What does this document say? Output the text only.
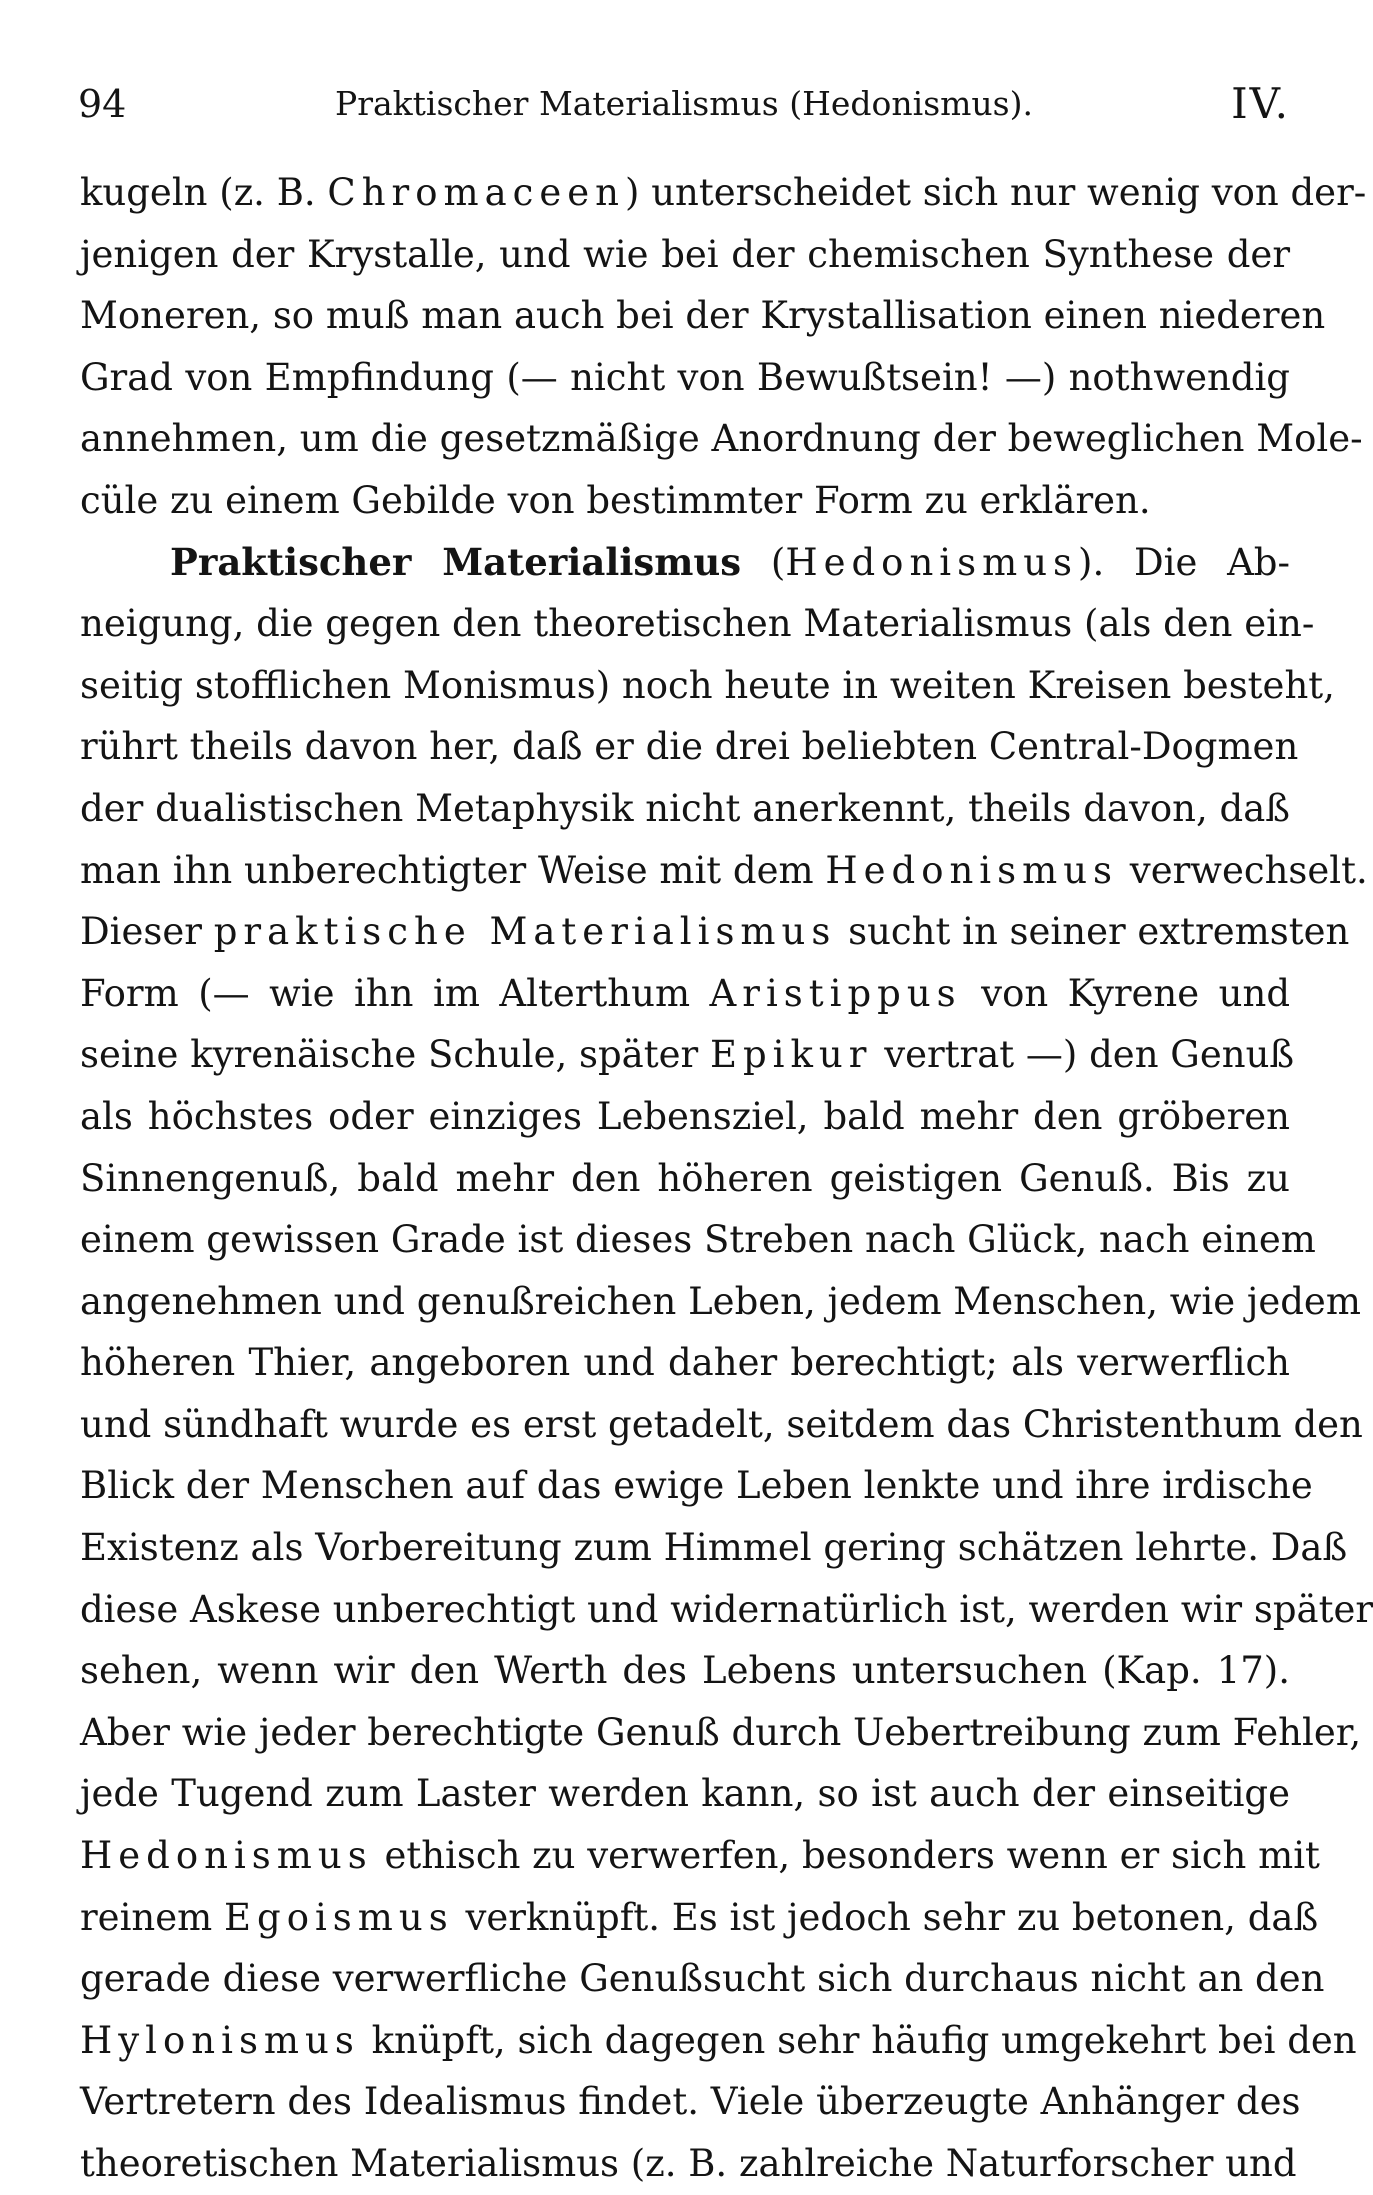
94	Praktischer Materialismus (Hedonismus).	IV.
kugeln (z. B. Chromaceen) unterscheidet sich nur wenig von der-
jenigen der Krystalle, und wie bei der chemischen Synthese der
Moneren, so muß man auch bei der Krystallisation einen niederen
Grad von Empfindung (— nicht von Bewußtsein! —) nothwendig
annehmen, um die gesetzmäßige Anordnung der beweglichen Mole-
cüle zu einem Gebilde von bestimmter Form zu erklären.
Praktischer Materialismus (Hedonismus). Die Ab-
neigung, die gegen den theoretischen Materialismus (als den ein-
seitig stofflichen Monismus) noch heute in weiten Kreisen besteht,
rührt theils davon her, daß er die drei beliebten Central-Dogmen
der dualistischen Metaphysik nicht anerkennt, theils davon, daß
man ihn unberechtigter Weise mit dem Hedonismus verwechselt.
Dieser praktische Materialismus sucht in seiner extremsten
Form (— wie ihn im Alterthum Aristippus von Kyrene und
seine kyrenäische Schule, später Epikur vertrat —) den Genuß
als höchstes oder einziges Lebensziel, bald mehr den gröberen
Sinnengenuß, bald mehr den höheren geistigen Genuß. Bis zu
einem gewissen Grade ist dieses Streben nach Glück, nach einem
angenehmen und genußreichen Leben, jedem Menschen, wie jedem
höheren Thier, angeboren und daher berechtigt; als verwerflich
und sündhaft wurde es erst getadelt, seitdem das Christenthum den
Blick der Menschen auf das ewige Leben lenkte und ihre irdische
Existenz als Vorbereitung zum Himmel gering schätzen lehrte. Daß
diese Askese unberechtigt und widernatürlich ist, werden wir später
sehen, wenn wir den Werth des Lebens untersuchen (Kap. 17).
Aber wie jeder berechtigte Genuß durch Uebertreibung zum Fehler,
jede Tugend zum Laster werden kann, so ist auch der einseitige
Hedonismus ethisch zu verwerfen, besonders wenn er sich mit
reinem Egoismus verknüpft. Es ist jedoch sehr zu betonen, daß
gerade diese verwerfliche Genußsucht sich durchaus nicht an den
Hylonismus knüpft, sich dagegen sehr häufig umgekehrt bei den
Vertretern des Idealismus findet. Viele überzeugte Anhänger des
theoretischen Materialismus (z. B. zahlreiche Naturforscher und
